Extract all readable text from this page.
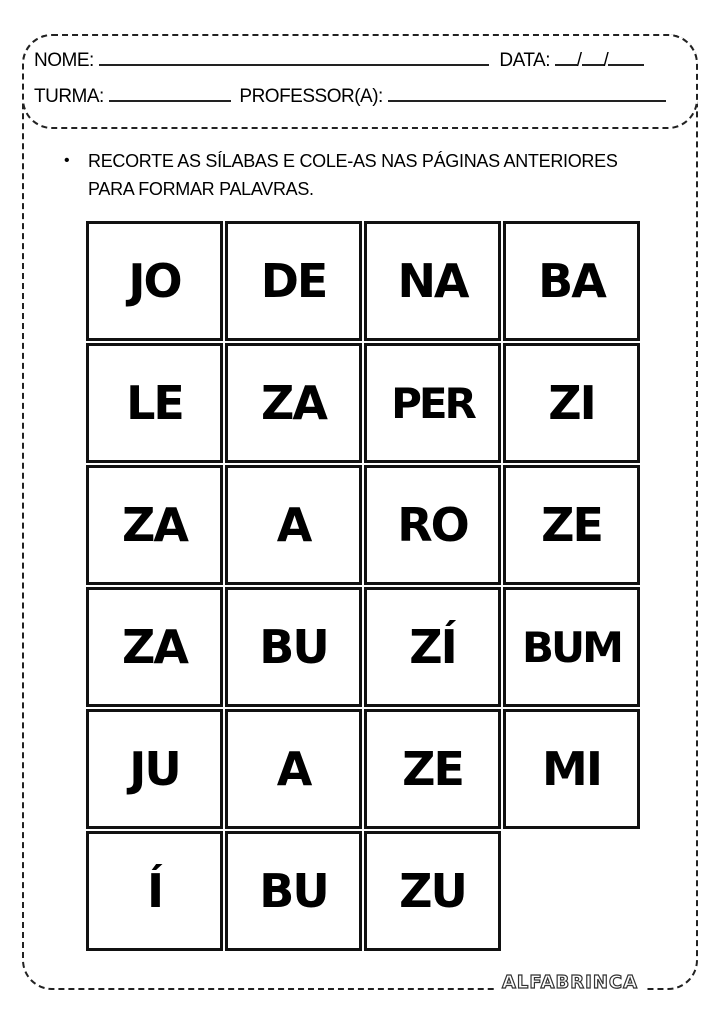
NOME:	DATA: / /
TURMA:	PROFESSOR(A):
• RECORTE AS SÍLABAS E COLE-AS NAS PÁGINAS ANTERIORES
PARA FORMAR PALAVRAS.
JO	DE	NA	BA
LE	ZA	PER	ZI
ZA	A	RO	ZE
ZA	BU	ZÍ	BUM
JU	A	ZE	MI
Í	BU	ZU
ALFABRINCA
